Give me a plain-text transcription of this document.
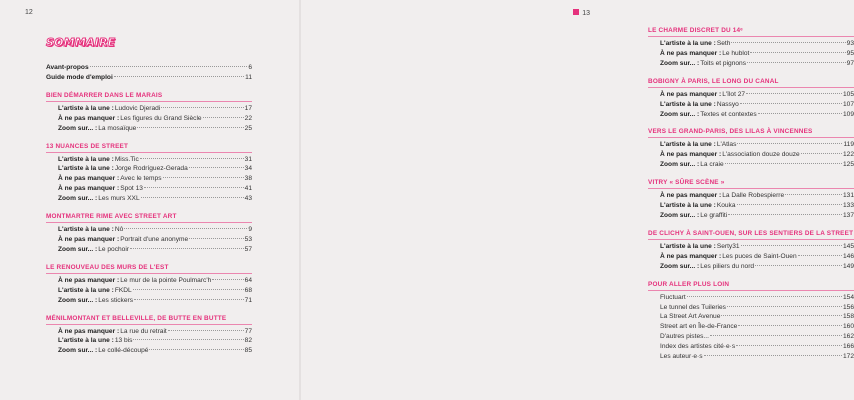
12
SOMMAIRE
Avant-propos	6
Guide mode d'emploi	11
BIEN DÉMARRER DANS LE MARAIS
L'artiste à la une : Ludovic Djeradi	17
À ne pas manquer : Les figures du Grand Siècle	22
Zoom sur... : La mosaïque	25
13 NUANCES DE STREET
L'artiste à la une : Miss.Tic	31
L'artiste à la une : Jorge Rodríguez-Gerada	34
À ne pas manquer : Avec le temps	38
À ne pas manquer : Spot 13	41
Zoom sur... : Les murs XXL	43
MONTMARTRE RIME AVEC STREET ART
L'artiste à la une : Nô	9
À ne pas manquer : Portrait d'une anonyme	53
Zoom sur... : Le pochoir	57
LE RENOUVEAU DES MURS DE L'EST
À ne pas manquer : Le mur de la pointe Poulmarc'h	64
L'artiste à la une : FKDL	68
Zoom sur... : Les stickers	71
MÉNILMONTANT ET BELLEVILLE, DE BUTTE EN BUTTE
À ne pas manquer : La rue du retrait	77
L'artiste à la une : 13 bis	82
Zoom sur... : Le collé-découpé	85
13
LE CHARME DISCRET DU 14ᵉ
L'artiste à la une : Seth	93
À ne pas manquer : Le hublot	95
Zoom sur... : Toits et pignons	97
BOBIGNY À PARIS, LE LONG DU CANAL
À ne pas manquer : L'îlot 27	105
L'artiste à la une : Nassyo	107
Zoom sur... : Textes et contextes	109
VERS LE GRAND-PARIS, DES LILAS À VINCENNES
L'artiste à la une : L'Atlas	119
À ne pas manquer : L'association douze douze	122
Zoom sur... : La craie	125
VITRY « SÛRE SCÈNE »
À ne pas manquer : La Dalle Robespierre	131
L'artiste à la une : Kouka	133
Zoom sur... : Le graffiti	137
DE CLICHY À SAINT-OUEN, SUR LES SENTIERS DE LA STREET
L'artiste à la une : Serty31	145
À ne pas manquer : Les puces de Saint-Ouen	146
Zoom sur... : Les piliers du nord	149
POUR ALLER PLUS LOIN
Fluctuart	154
Le tunnel des Tuileries	156
La Street Art Avenue	158
Street art en Île-de-France	160
D'autres pistes...	162
Index des artistes cité·e·s	166
Les auteur·e·s	172
